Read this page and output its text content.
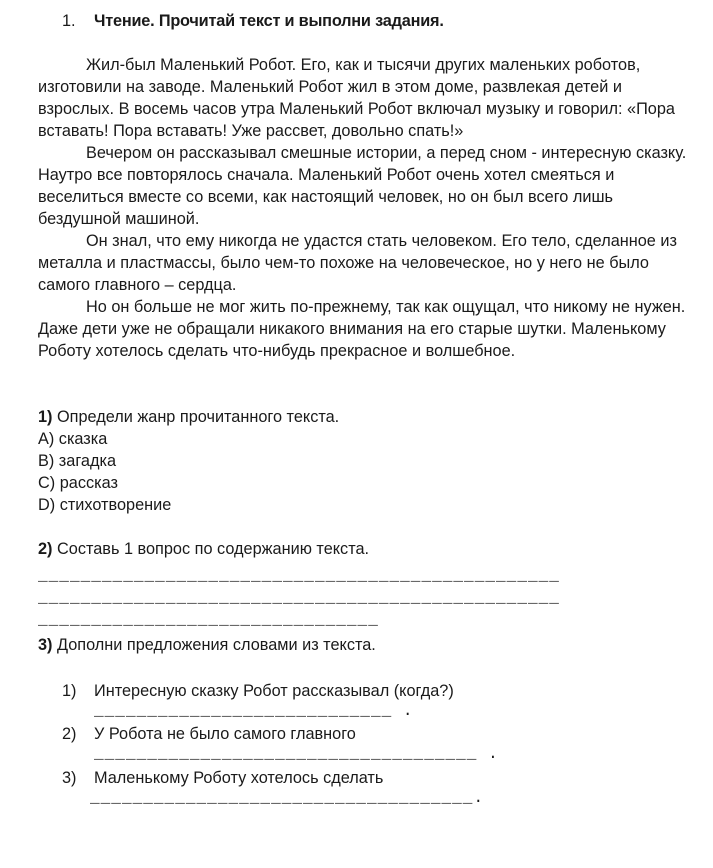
1. Чтение. Прочитай текст и выполни задания.

Жил-был Маленький Робот. Его, как и тысячи других маленьких роботов, изготовили на заводе. Маленький Робот жил в этом доме, развлекая детей и взрослых. В восемь часов утра Маленький Робот включал музыку и говорил: «Пора вставать! Пора вставать! Уже рассвет, довольно спать!»

Вечером он рассказывал смешные истории, а перед сном - интересную сказку. Наутро все повторялось сначала. Маленький Робот очень хотел смеяться и веселиться вместе со всеми, как настоящий человек, но он был всего лишь бездушной машиной.

Он знал, что ему никогда не удастся стать человеком. Его тело, сделанное из металла и пластмассы, было чем-то похоже на человеческое, но у него не было самого главного – сердца.

Но он больше не мог жить по-прежнему, так как ощущал, что никому не нужен. Даже дети уже не обращали никакого внимания на его старые шутки. Маленькому Роботу хотелось сделать что-нибудь прекрасное и волшебное.

1) Определи жанр прочитанного текста.
A) сказка
B) загадка
C) рассказ
D) стихотворение
2) Составь 1 вопрос по содержанию текста.
_________________________________________________
_________________________________________________
________________________________
3) Дополни предложения словами из текста.
1) Интересную сказку Робот рассказывал (когда?)
____________________________ .
2) У Робота не было самого главного
____________________________________ .
3) Маленькому Роботу хотелось сделать
____________________________________.
